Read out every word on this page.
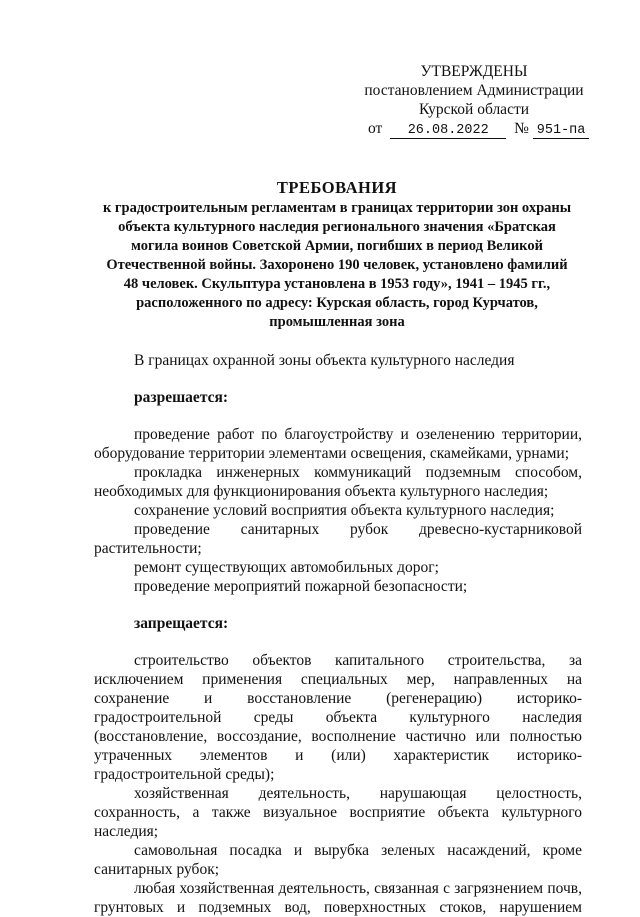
УТВЕРЖДЕНЫ
постановлением Администрации
Курской области
от 26.08.2022 № 951-па
ТРЕБОВАНИЯ
к градостроительным регламентам в границах территории зон охраны
объекта культурного наследия регионального значения «Братская
могила воинов Советской Армии, погибших в период Великой
Отечественной войны. Захоронено 190 человек, установлено фамилий
48 человек. Скульптура установлена в 1953 году», 1941 – 1945 гг.,
расположенного по адресу: Курская область, город Курчатов,
промышленная зона

В границах охранной зоны объекта культурного наследия

разрешается:

проведение работ по благоустройству и озеленению территории, оборудование территории элементами освещения, скамейками, урнами;

прокладка инженерных коммуникаций подземным способом, необходимых для функционирования объекта культурного наследия;

сохранение условий восприятия объекта культурного наследия;

проведение санитарных рубок древесно-кустарниковой растительности;

ремонт существующих автомобильных дорог;

проведение мероприятий пожарной безопасности;

запрещается:

строительство объектов капитального строительства, за исключением применения специальных мер, направленных на сохранение и восстановление (регенерацию) историко-градостроительной среды объекта культурного наследия (восстановление, воссоздание, восполнение частично или полностью утраченных элементов и (или) характеристик историко-градостроительной среды);

хозяйственная деятельность, нарушающая целостность, сохранность, а также визуальное восприятие объекта культурного наследия;

самовольная посадка и вырубка зеленых насаждений, кроме санитарных рубок;

любая хозяйственная деятельность, связанная с загрязнением почв, грунтовых и подземных вод, поверхностных стоков, нарушением
